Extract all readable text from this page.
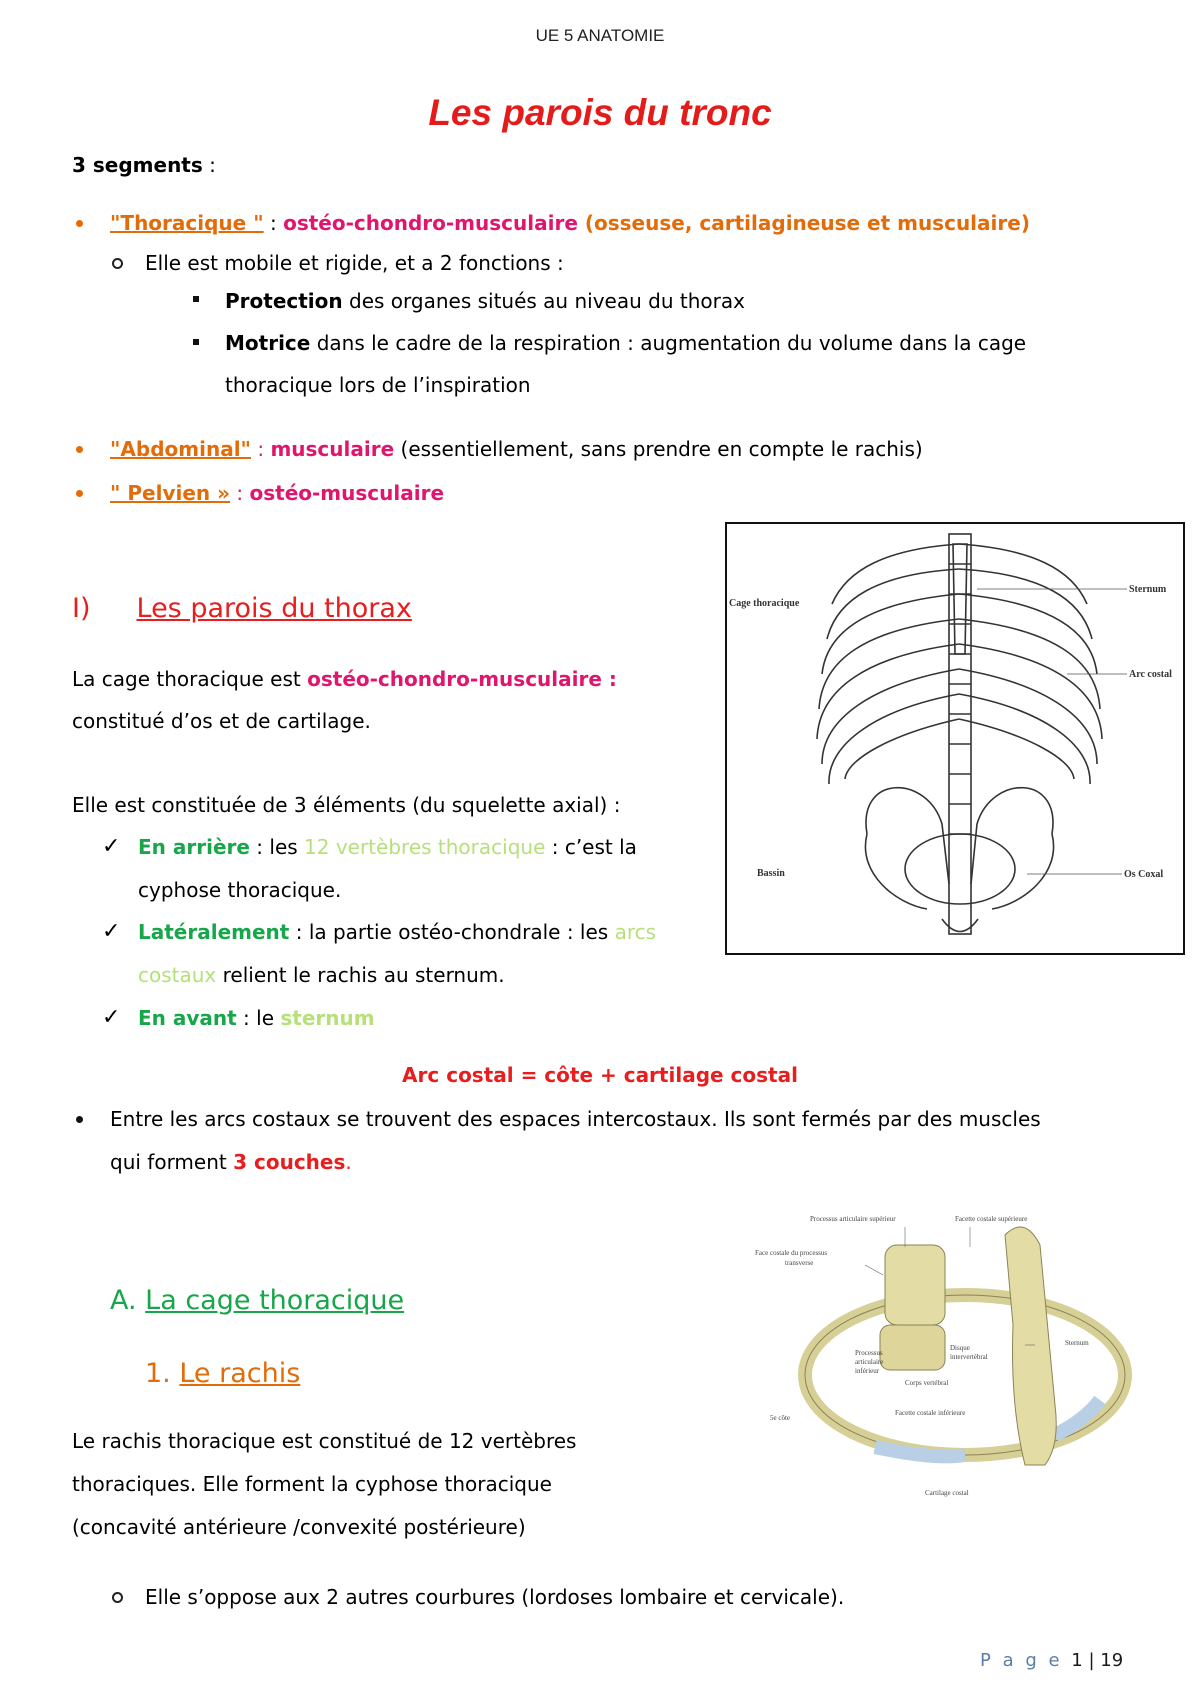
UE 5 ANATOMIE
Les parois du tronc
3 segments :
"Thoracique " : ostéo-chondro-musculaire (osseuse, cartilagineuse et musculaire)
Elle est mobile et rigide, et a 2 fonctions :
Protection des organes situés au niveau du thorax
Motrice dans le cadre de la respiration : augmentation du volume dans la cage
thoracique lors de l’inspiration
"Abdominal" : musculaire (essentiellement, sans prendre en compte le rachis)
" Pelvien » : ostéo-musculaire
I) Les parois du thorax
La cage thoracique est ostéo-chondro-musculaire :
constitué d’os et de cartilage.
Elle est constituée de 3 éléments (du squelette axial) :
✓ En arrière : les 12 vertèbres thoracique : c’est la
cyphose thoracique.
✓ Latéralement : la partie ostéo-chondrale : les arcs
costaux relient le rachis au sternum.
✓ En avant : le sternum
Arc costal = côte + cartilage costal
Entre les arcs costaux se trouvent des espaces intercostaux. Ils sont fermés par des muscles
qui forment 3 couches.
A. La cage thoracique
1. Le rachis
Le rachis thoracique est constitué de 12 vertèbres
thoraciques. Elle forment la cyphose thoracique
(concavité antérieure /convexité postérieure)
Elle s’oppose aux 2 autres courbures (lordoses lombaire et cervicale).
Sternum
Cage thoracique
Arc costal
Bassin	Os Coxal
Processus articulaire supérieur	Facette costale supérieure
Face costale du processus
transverse
Processus
articulaire
inférieur
Disque
intervertébral
Corps vertébral
Sternum
Facette costale inférieure
5e côte
Cartilage costal
P a g e 1 | 19
